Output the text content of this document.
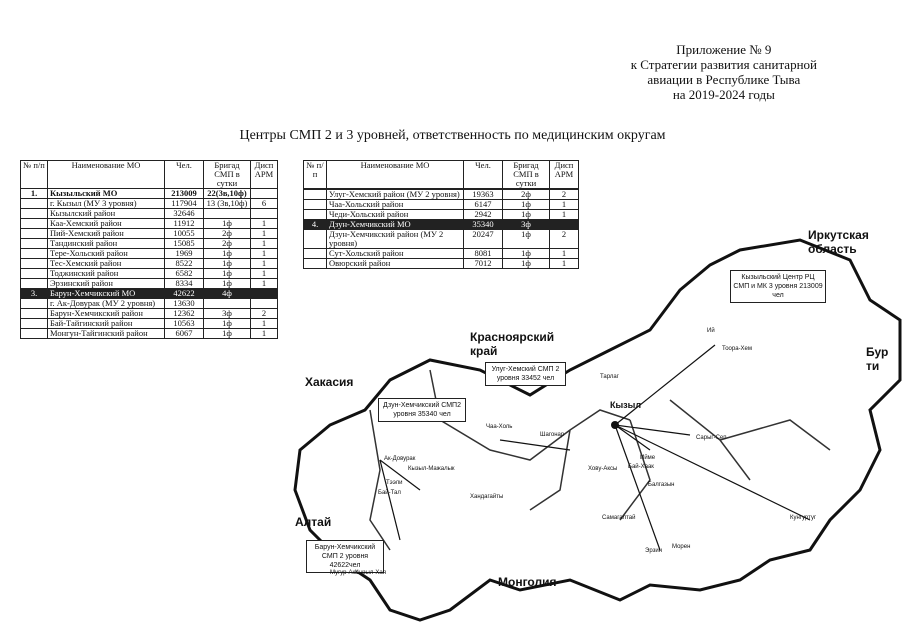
Приложение № 9
к Стратегии развития санитарной
авиации в Республике Тыва
на 2019-2024 годы
Центры СМП 2 и 3 уровней, ответственность по медицинским округам
№ п/п	Наименование МО	Чел.	Бригад СМП в сутки	Дисп АРМ
1.	Кызыльский МО	213009	22(3в,10ф)	
	г. Кызыл (МУ 3 уровня)	117904	13 (3в,10ф)	6
	Кызылский район	32646		
	Каа-Хемский район	11912	1ф	1
	Пий-Хемский район	10055	2ф	1
	Тандинский район	15085	2ф	1
	Тере-Хольский район	1969	1ф	1
	Тес-Хемский район	8522	1ф	1
	Тоджинский район	6582	1ф	1
	Эрзинский район	8334	1ф	1
3.	Барун-Хемчикский МО	42622	4ф	
	г. Ак-Довурак (МУ 2 уровня)	13630		
	Барун-Хемчикский район	12362	3ф	2
	Бай-Тайгинский район	10563	1ф	1
	Монгун-Тайгинский район	6067	1ф	1
№ п/п	Наименование МО	Чел.	Бригад СМП в сутки	Дисп АРМ

	Улуг-Хемский район (МУ 2 уровня)	19363	2ф	2
	Чаа-Хольский район	6147	1ф	1
	Чеди-Хольский район	2942	1ф	1
4.	Дзун-Хемчикский МО	35340	3ф	
	Дзун-Хемчикский район (МУ 2 уровня)	20247	1ф	2
	Сут-Хольский район	8081	1ф	1
	Овюрский район	7012	1ф	1
Иркутская область
Красноярский край
Хакасия
Алтай
Монголия
Бур ти
Кызыльский Центр РЦ СМП и МК 3 уровня 213009 чел
Улуг-Хемский СМП 2 уровня 33452 чел
Дзун-Хемчикский СМП2 уровня 35340 чел
Барун-Хемчикский СМП 2 уровня 42622чел
Кызыл
Тоора-Хем
Ий
Тарлаг
Чаа-Холь
Шагонар
Ак-Довурак
Кызыл-Мажалык
Тээли
Бай-Тал
Хову-Аксы
Сарыг-Сеп
Бай-Хаак
Самагалтай
Эрзин
Кунгуртуг
Мугур-Аксы
Хандагайты
Морен
Балгазын
Кызыл-Хая
Ийме
